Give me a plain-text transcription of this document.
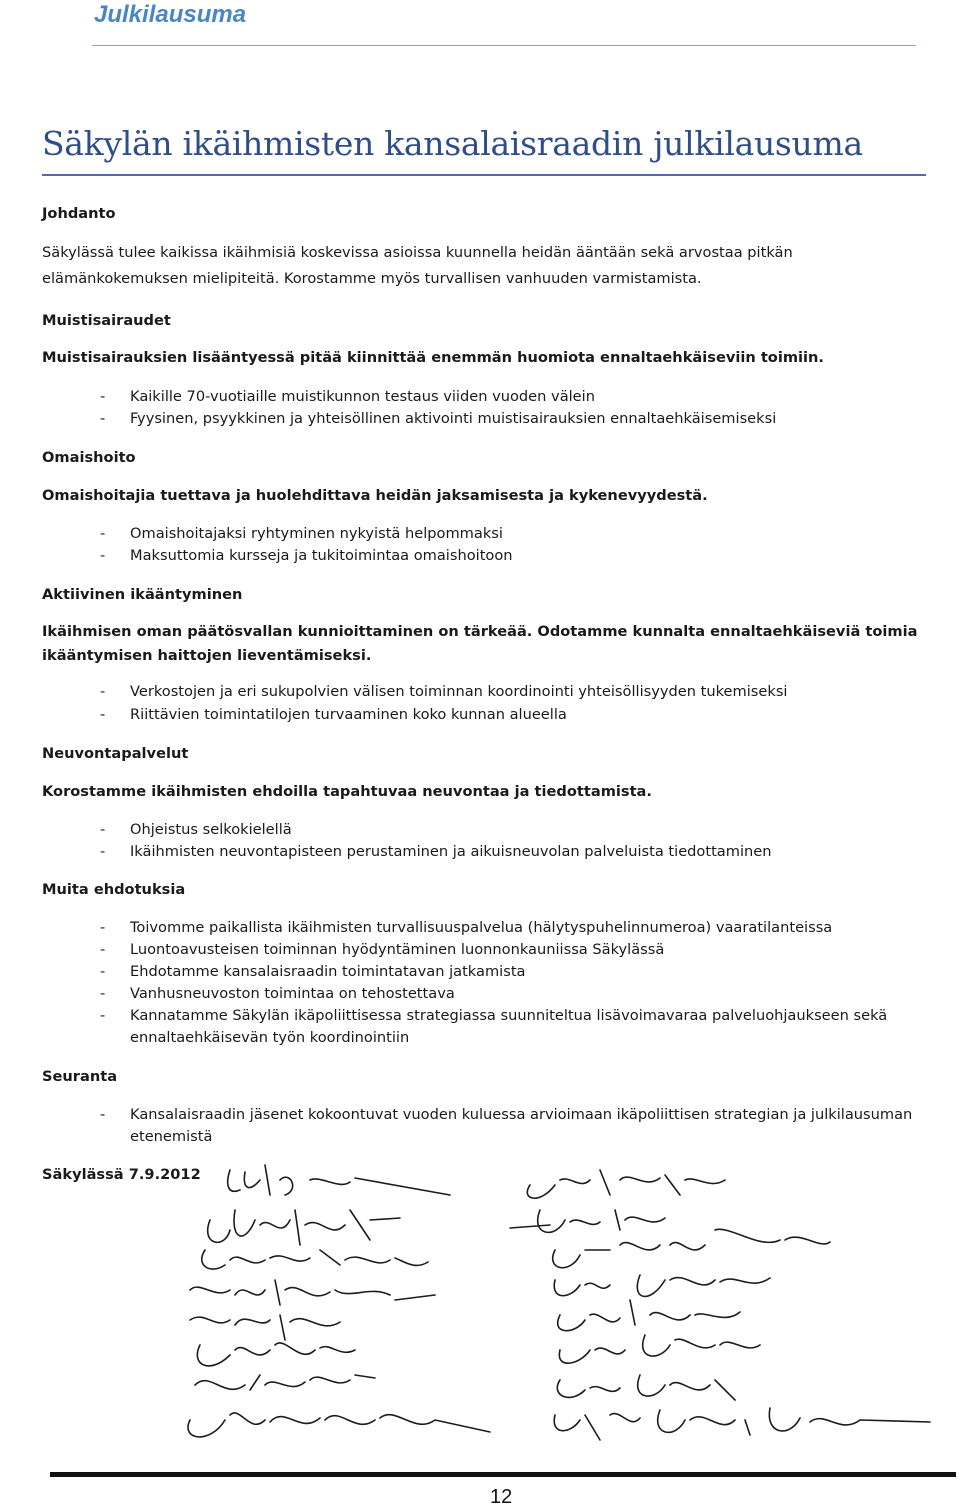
Julkilausuma
Säkylän ikäihmisten kansalaisraadin julkilausuma
Johdanto
Säkylässä tulee kaikissa ikäihmisiä koskevissa asioissa kuunnella heidän ääntään sekä arvostaa pitkän
elämänkokemuksen mielipiteitä. Korostamme myös turvallisen vanhuuden varmistamista.
Muistisairaudet
Muistisairauksien lisääntyessä pitää kiinnittää enemmän huomiota ennaltaehkäiseviin toimiin.
- Kaikille 70-vuotiaille muistikunnon testaus viiden vuoden välein
- Fyysinen, psyykkinen ja yhteisöllinen aktivointi muistisairauksien ennaltaehkäisemiseksi
Omaishoito
Omaishoitajia tuettava ja huolehdittava heidän jaksamisesta ja kykenevyydestä.
- Omaishoitajaksi ryhtyminen nykyistä helpommaksi
- Maksuttomia kursseja ja tukitoimintaa omaishoitoon
Aktiivinen ikääntyminen
Ikäihmisen oman päätösvallan kunnioittaminen on tärkeää. Odotamme kunnalta ennaltaehkäiseviä toimia
ikääntymisen haittojen lieventämiseksi.
- Verkostojen ja eri sukupolvien välisen toiminnan koordinointi yhteisöllisyyden tukemiseksi
- Riittävien toimintatilojen turvaaminen koko kunnan alueella
Neuvontapalvelut
Korostamme ikäihmisten ehdoilla tapahtuvaa neuvontaa ja tiedottamista.
- Ohjeistus selkokielellä
- Ikäihmisten neuvontapisteen perustaminen ja aikuisneuvolan palveluista tiedottaminen
Muita ehdotuksia
- Toivomme paikallista ikäihmisten turvallisuuspalvelua (hälytyspuhelinnumeroa) vaaratilanteissa
- Luontoavusteisen toiminnan hyödyntäminen luonnonkauniissa Säkylässä
- Ehdotamme kansalaisraadin toimintatavan jatkamista
- Vanhusneuvoston toimintaa on tehostettava
- Kannatamme Säkylän ikäpoliittisessa strategiassa suunniteltua lisävoimavaraa palveluohjaukseen sekä
ennaltaehkäisevän työn koordinointiin
Seuranta
- Kansalaisraadin jäsenet kokoontuvat vuoden kuluessa arvioimaan ikäpoliittisen strategian ja julkilausuman
etenemistä
Säkylässä 7.9.2012
12
